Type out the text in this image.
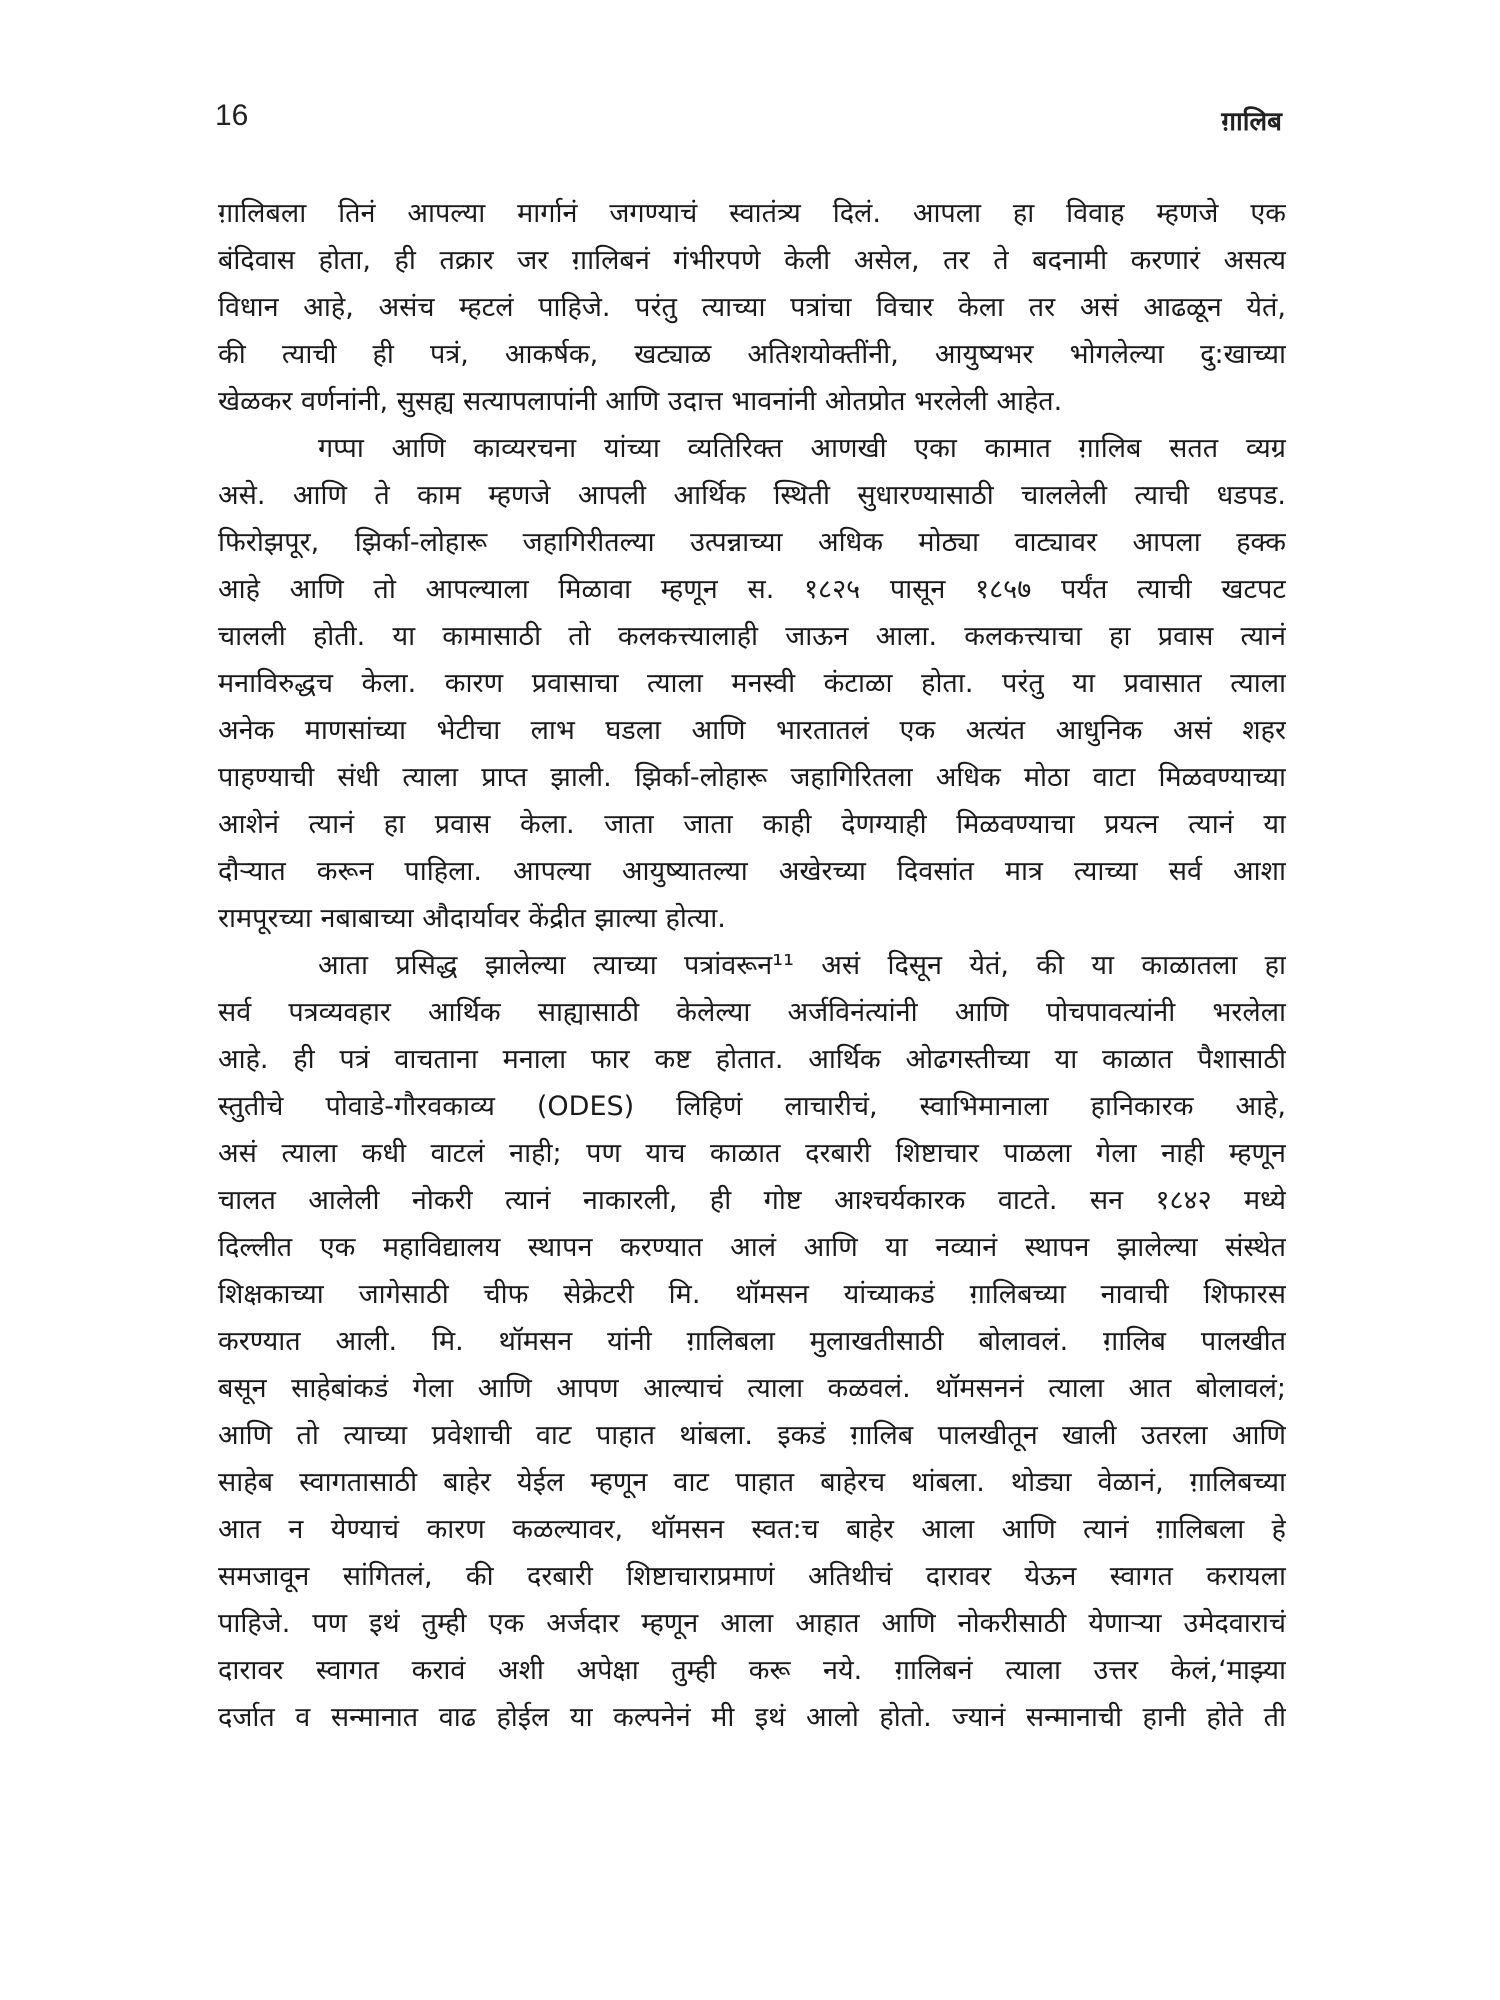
16	ग़ालिब
ग़ालिबला तिनं आपल्या मार्गानं जगण्याचं स्वातंत्र्य दिलं. आपला हा विवाह म्हणजे एक
बंदिवास होता, ही तक्रार जर ग़ालिबनं गंभीरपणे केली असेल, तर ते बदनामी करणारं असत्य
विधान आहे, असंच म्हटलं पाहिजे. परंतु त्याच्या पत्रांचा विचार केला तर असं आढळून येतं,
की त्याची ही पत्रं, आकर्षक, खट्याळ अतिशयोक्तींनी, आयुष्यभर भोगलेल्या दु:खाच्या
खेळकर वर्णनांनी, सुसह्य सत्यापलापांनी आणि उदात्त भावनांनी ओतप्रोत भरलेली आहेत.
गप्पा आणि काव्यरचना यांच्या व्यतिरिक्त आणखी एका कामात ग़ालिब सतत व्यग्र
असे. आणि ते काम म्हणजे आपली आर्थिक स्थिती सुधारण्यासाठी चाललेली त्याची धडपड.
फिरोझपूर, झिर्का-लोहारू जहागिरीतल्या उत्पन्नाच्या अधिक मोठ्या वाट्यावर आपला हक्क
आहे आणि तो आपल्याला मिळावा म्हणून स. १८२५ पासून १८५७ पर्यंत त्याची खटपट
चालली होती. या कामासाठी तो कलकत्त्यालाही जाऊन आला. कलकत्त्याचा हा प्रवास त्यानं
मनाविरुद्धच केला. कारण प्रवासाचा त्याला मनस्वी कंटाळा होता. परंतु या प्रवासात त्याला
अनेक माणसांच्या भेटीचा लाभ घडला आणि भारतातलं एक अत्यंत आधुनिक असं शहर
पाहण्याची संधी त्याला प्राप्त झाली. झिर्का-लोहारू जहागिरितला अधिक मोठा वाटा मिळवण्याच्या
आशेनं त्यानं हा प्रवास केला. जाता जाता काही देणग्याही मिळवण्याचा प्रयत्न त्यानं या
दौऱ्यात करून पाहिला. आपल्या आयुष्यातल्या अखेरच्या दिवसांत मात्र त्याच्या सर्व आशा
रामपूरच्या नबाबाच्या औदार्यावर केंद्रीत झाल्या होत्या.
आता प्रसिद्ध झालेल्या त्याच्या पत्रांवरून¹¹ असं दिसून येतं, की या काळातला हा
सर्व पत्रव्यवहार आर्थिक साह्यासाठी केलेल्या अर्जविनंत्यांनी आणि पोचपावत्यांनी भरलेला
आहे. ही पत्रं वाचताना मनाला फार कष्ट होतात. आर्थिक ओढगस्तीच्या या काळात पैशासाठी
स्तुतीचे पोवाडे-गौरवकाव्य (ODES) लिहिणं लाचारीचं, स्वाभिमानाला हानिकारक आहे,
असं त्याला कधी वाटलं नाही; पण याच काळात दरबारी शिष्टाचार पाळला गेला नाही म्हणून
चालत आलेली नोकरी त्यानं नाकारली, ही गोष्ट आश्चर्यकारक वाटते. सन १८४२ मध्ये
दिल्लीत एक महाविद्यालय स्थापन करण्यात आलं आणि या नव्यानं स्थापन झालेल्या संस्थेत
शिक्षकाच्या जागेसाठी चीफ सेक्रेटरी मि. थॉमसन यांच्याकडं ग़ालिबच्या नावाची शिफारस
करण्यात आली. मि. थॉमसन यांनी ग़ालिबला मुलाखतीसाठी बोलावलं. ग़ालिब पालखीत
बसून साहेबांकडं गेला आणि आपण आल्याचं त्याला कळवलं. थॉमसननं त्याला आत बोलावलं;
आणि तो त्याच्या प्रवेशाची वाट पाहात थांबला. इकडं ग़ालिब पालखीतून खाली उतरला आणि
साहेब स्वागतासाठी बाहेर येईल म्हणून वाट पाहात बाहेरच थांबला. थोड्या वेळानं, ग़ालिबच्या
आत न येण्याचं कारण कळल्यावर, थॉमसन स्वत:च बाहेर आला आणि त्यानं ग़ालिबला हे
समजावून सांगितलं, की दरबारी शिष्टाचाराप्रमाणं अतिथीचं दारावर येऊन स्वागत करायला
पाहिजे. पण इथं तुम्ही एक अर्जदार म्हणून आला आहात आणि नोकरीसाठी येणाऱ्या उमेदवाराचं
दारावर स्वागत करावं अशी अपेक्षा तुम्ही करू नये. ग़ालिबनं त्याला उत्तर केलं,‘माझ्या
दर्जात व सन्मानात वाढ होईल या कल्पनेनं मी इथं आलो होतो. ज्यानं सन्मानाची हानी होते ती
